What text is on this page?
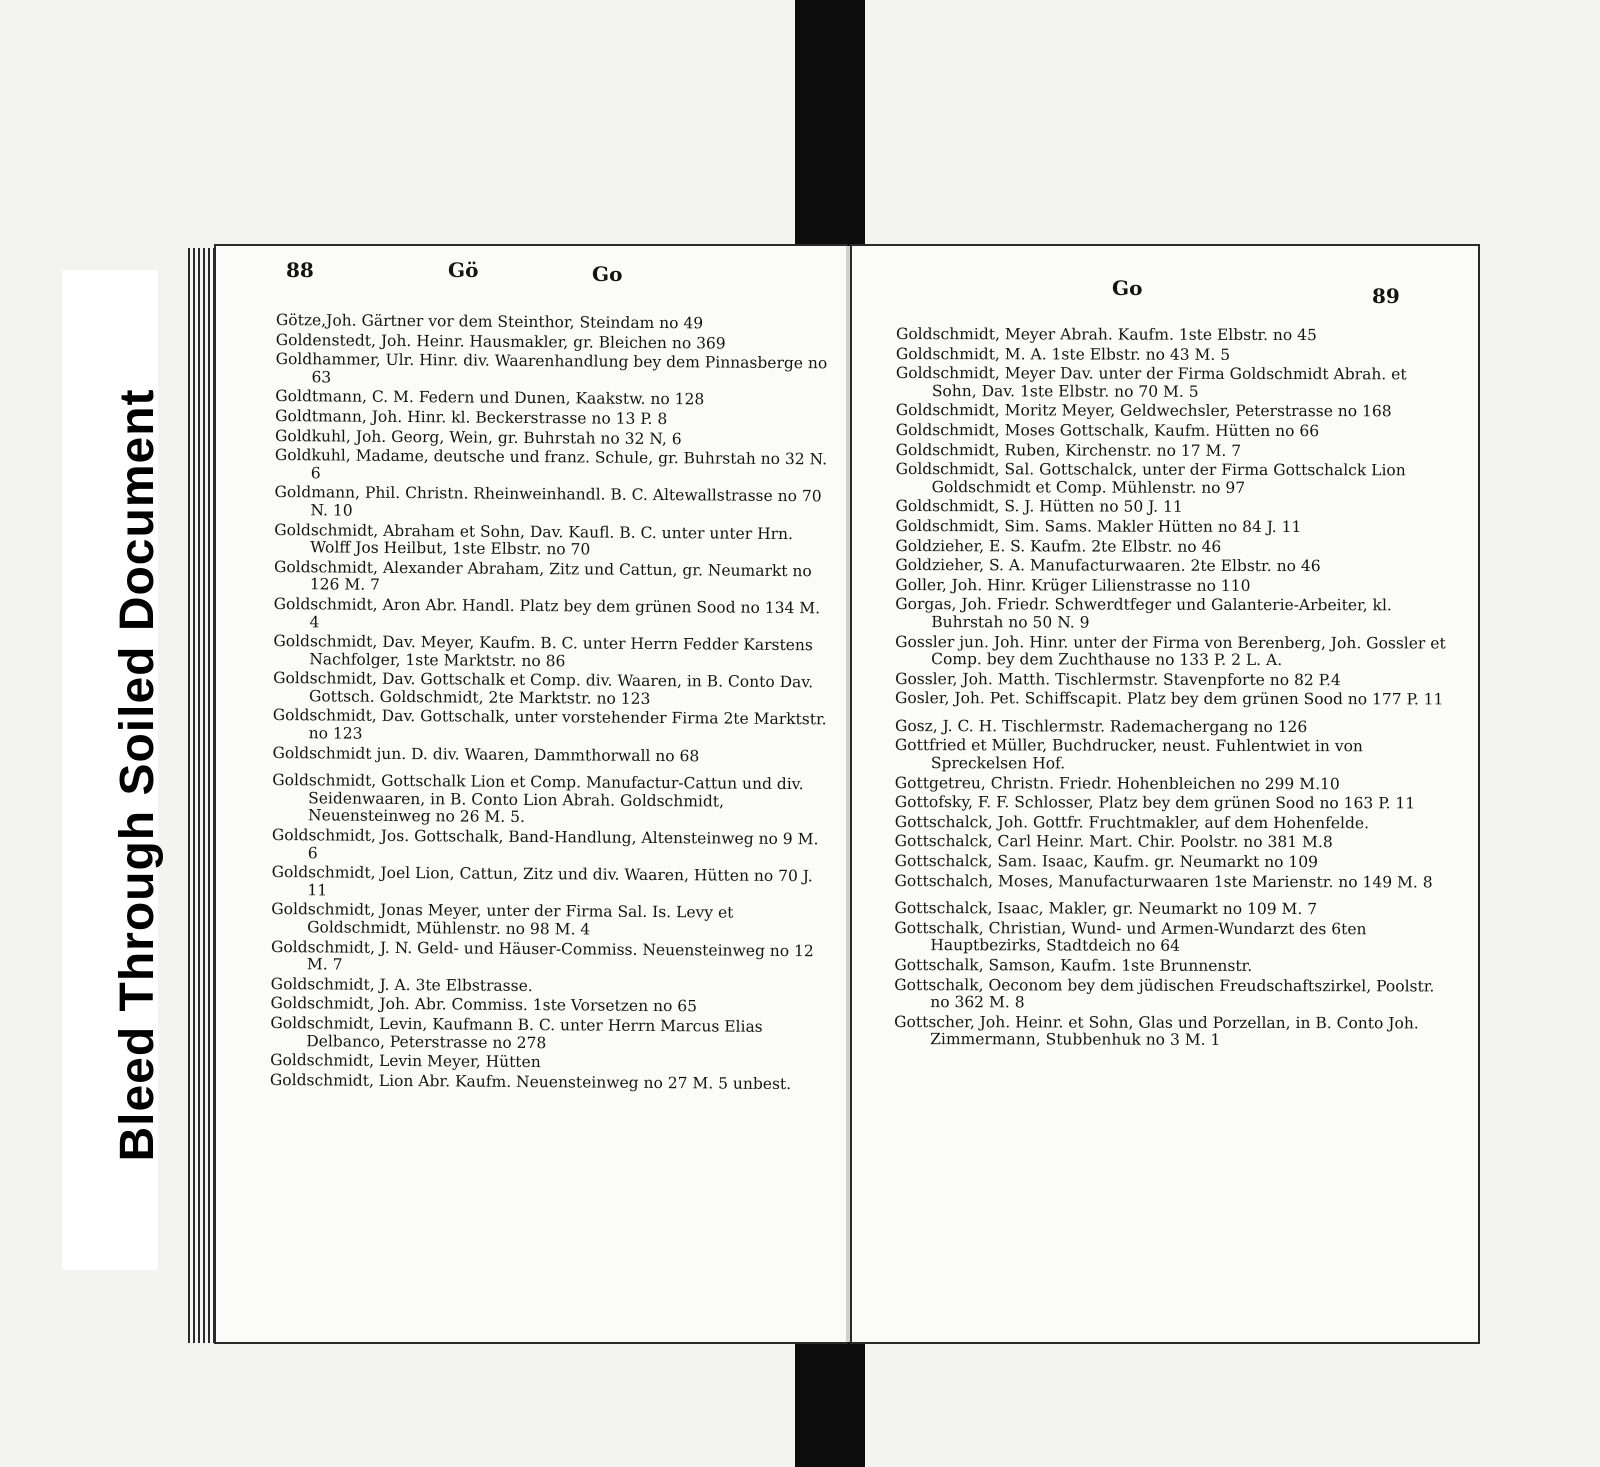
Bleed Through Soiled Document
88	Gö	Go
Götze,Joh. Gärtner vor dem Steinthor, Steindam no 49
Goldenstedt, Joh. Heinr. Hausmakler, gr. Bleichen no 369
Goldhammer, Ulr. Hinr. div. Waarenhandlung bey dem Pinnasberge no 63
Goldtmann, C. M. Federn und Dunen, Kaakstw. no 128
Goldtmann, Joh. Hinr. kl. Beckerstrasse no 13 P. 8
Goldkuhl, Joh. Georg, Wein, gr. Buhrstah no 32 N, 6
Goldkuhl, Madame, deutsche und franz. Schule, gr. Buhrstah no 32 N. 6
Goldmann, Phil. Christn. Rheinweinhandl. B. C. Altewallstrasse no 70 N. 10
Goldschmidt, Abraham et Sohn, Dav. Kaufl. B. C. unter unter Hrn. Wolff Jos Heilbut, 1ste Elbstr. no 70
Goldschmidt, Alexander Abraham, Zitz und Cattun, gr. Neumarkt no 126 M. 7
Goldschmidt, Aron Abr. Handl. Platz bey dem grünen Sood no 134 M. 4
Goldschmidt, Dav. Meyer, Kaufm. B. C. unter Herrn Fedder Karstens Nachfolger, 1ste Marktstr. no 86
Goldschmidt, Dav. Gottschalk et Comp. div. Waaren, in B. Conto Dav. Gottsch. Goldschmidt, 2te Marktstr. no 123
Goldschmidt, Dav. Gottschalk, unter vorstehender Firma 2te Marktstr. no 123
Goldschmidt jun. D. div. Waaren, Dammthorwall no 68
Goldschmidt, Gottschalk Lion et Comp. Manufactur-Cattun und div. Seidenwaaren, in B. Conto Lion Abrah. Goldschmidt, Neuensteinweg no 26 M. 5.
Goldschmidt, Jos. Gottschalk, Band-Handlung, Altensteinweg no 9 M. 6
Goldschmidt, Joel Lion, Cattun, Zitz und div. Waaren, Hütten no 70 J. 11
Goldschmidt, Jonas Meyer, unter der Firma Sal. Is. Levy et Goldschmidt, Mühlenstr. no 98 M. 4
Goldschmidt, J. N. Geld- und Häuser-Commiss. Neuensteinweg no 12 M. 7
Goldschmidt, J. A. 3te Elbstrasse.
Goldschmidt, Joh. Abr. Commiss. 1ste Vorsetzen no 65
Goldschmidt, Levin, Kaufmann B. C. unter Herrn Marcus Elias Delbanco, Peterstrasse no 278
Goldschmidt, Levin Meyer, Hütten
Goldschmidt, Lion Abr. Kaufm. Neuensteinweg no 27 M. 5 unbest.
Go	89
Goldschmidt, Meyer Abrah. Kaufm. 1ste Elbstr. no 45
Goldschmidt, M. A. 1ste Elbstr. no 43 M. 5
Goldschmidt, Meyer Dav. unter der Firma Goldschmidt Abrah. et Sohn, Dav. 1ste Elbstr. no 70 M. 5
Goldschmidt, Moritz Meyer, Geldwechsler, Peterstrasse no 168
Goldschmidt, Moses Gottschalk, Kaufm. Hütten no 66
Goldschmidt, Ruben, Kirchenstr. no 17 M. 7
Goldschmidt, Sal. Gottschalck, unter der Firma Gottschalck Lion Goldschmidt et Comp. Mühlenstr. no 97
Goldschmidt, S. J. Hütten no 50 J. 11
Goldschmidt, Sim. Sams. Makler Hütten no 84 J. 11
Goldzieher, E. S. Kaufm. 2te Elbstr. no 46
Goldzieher, S. A. Manufacturwaaren. 2te Elbstr. no 46
Goller, Joh. Hinr. Krüger Lilienstrasse no 110
Gorgas, Joh. Friedr. Schwerdtfeger und Galanterie-Arbeiter, kl. Buhrstah no 50 N. 9
Gossler jun. Joh. Hinr. unter der Firma von Berenberg, Joh. Gossler et Comp. bey dem Zuchthause no 133 P. 2 L. A.
Gossler, Joh. Matth. Tischlermstr. Stavenpforte no 82 P.4
Gosler, Joh. Pet. Schiffscapit. Platz bey dem grünen Sood no 177 P. 11
Gosz, J. C. H. Tischlermstr. Rademachergang no 126
Gottfried et Müller, Buchdrucker, neust. Fuhlentwiet in von Spreckelsen Hof.
Gottgetreu, Christn. Friedr. Hohenbleichen no 299 M.10
Gottofsky, F. F. Schlosser, Platz bey dem grünen Sood no 163 P. 11
Gottschalck, Joh. Gottfr. Fruchtmakler, auf dem Hohenfelde.
Gottschalck, Carl Heinr. Mart. Chir. Poolstr. no 381 M.8
Gottschalck, Sam. Isaac, Kaufm. gr. Neumarkt no 109
Gottschalch, Moses, Manufacturwaaren 1ste Marienstr. no 149 M. 8
Gottschalck, Isaac, Makler, gr. Neumarkt no 109 M. 7
Gottschalk, Christian, Wund- und Armen-Wundarzt des 6ten Hauptbezirks, Stadtdeich no 64
Gottschalk, Samson, Kaufm. 1ste Brunnenstr.
Gottschalk, Oeconom bey dem jüdischen Freudschaftszirkel, Poolstr. no 362 M. 8
Gottscher, Joh. Heinr. et Sohn, Glas und Porzellan, in B. Conto Joh. Zimmermann, Stubbenhuk no 3 M. 1
